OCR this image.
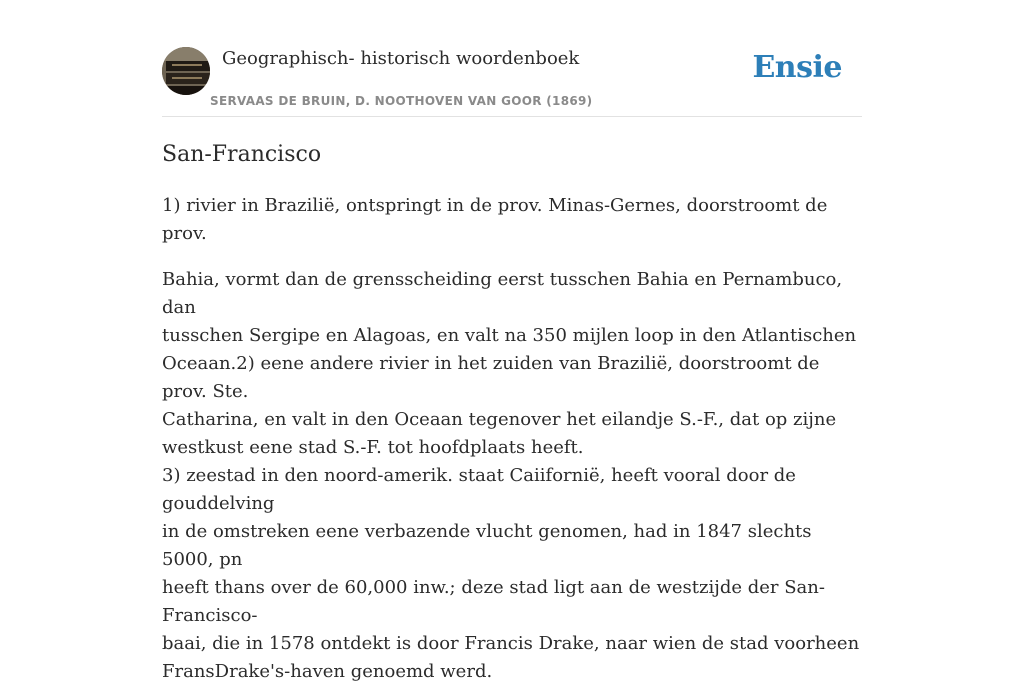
Geographisch- historisch woordenboek
SERVAAS DE BRUIN, D. NOOTHOVEN VAN GOOR (1869)
Ensie
San-Francisco

1) rivier in Brazilië, ontspringt in de prov. Minas-Gernes, doorstroomt de prov.

Bahia, vormt dan de grensscheiding eerst tusschen Bahia en Pernambuco, dan
tusschen Sergipe en Alagoas, en valt na 350 mijlen loop in den Atlantischen
Oceaan.2) eene andere rivier in het zuiden van Brazilië, doorstroomt de prov. Ste.
Catharina, en valt in den Oceaan tegenover het eilandje S.-F., dat op zijne
westkust eene stad S.-F. tot hoofdplaats heeft.
3) zeestad in den noord-amerik. staat Caiifornië, heeft vooral door de gouddelving
in de omstreken eene verbazende vlucht genomen, had in 1847 slechts 5000, pn
heeft thans over de 60,000 inw.; deze stad ligt aan de westzijde der San-Francisco-
baai, die in 1578 ontdekt is door Francis Drake, naar wien de stad voorheen
FransDrake's-haven genoemd werd.
